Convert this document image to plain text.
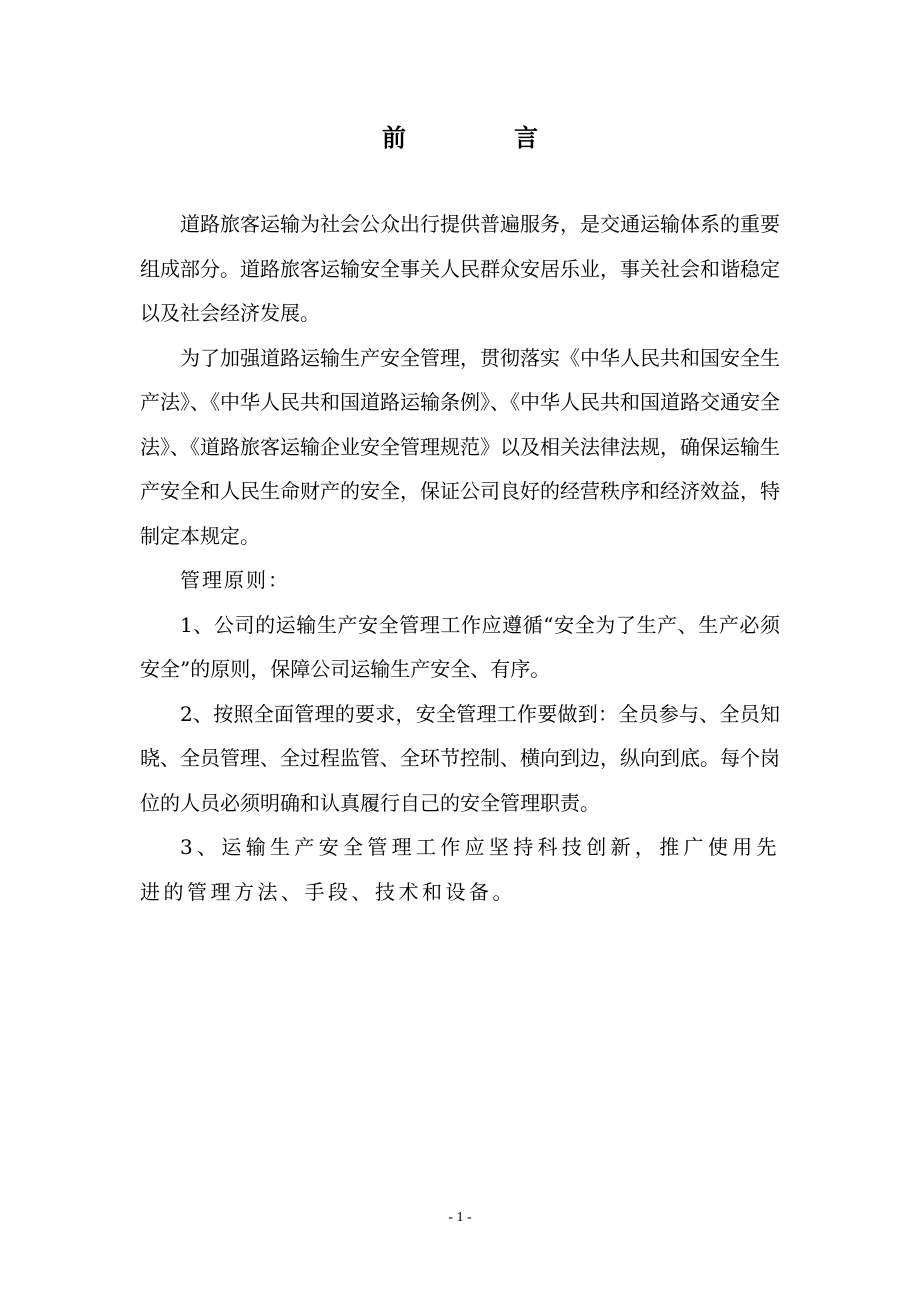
前　言

道路旅客运输为社会公众出行提供普遍服务，是交通运输体系的重要组成部分。道路旅客运输安全事关人民群众安居乐业，事关社会和谐稳定以及社会经济发展。

为了加强道路运输生产安全管理，贯彻落实《中华人民共和国安全生产法》、《中华人民共和国道路运输条例》、《中华人民共和国道路交通安全法》、《道路旅客运输企业安全管理规范》以及相关法律法规，确保运输生产安全和人民生命财产的安全，保证公司良好的经营秩序和经济效益，特制定本规定。

管理原则：

1、公司的运输生产安全管理工作应遵循“安全为了生产、生产必须安全”的原则，保障公司运输生产安全、有序。

2、按照全面管理的要求，安全管理工作要做到：全员参与、全员知晓、全员管理、全过程监管、全环节控制、横向到边，纵向到底。每个岗位的人员必须明确和认真履行自己的安全管理职责。

3、运输生产安全管理工作应坚持科技创新，推广使用先进的管理方法、手段、技术和设备。

- 1 -
